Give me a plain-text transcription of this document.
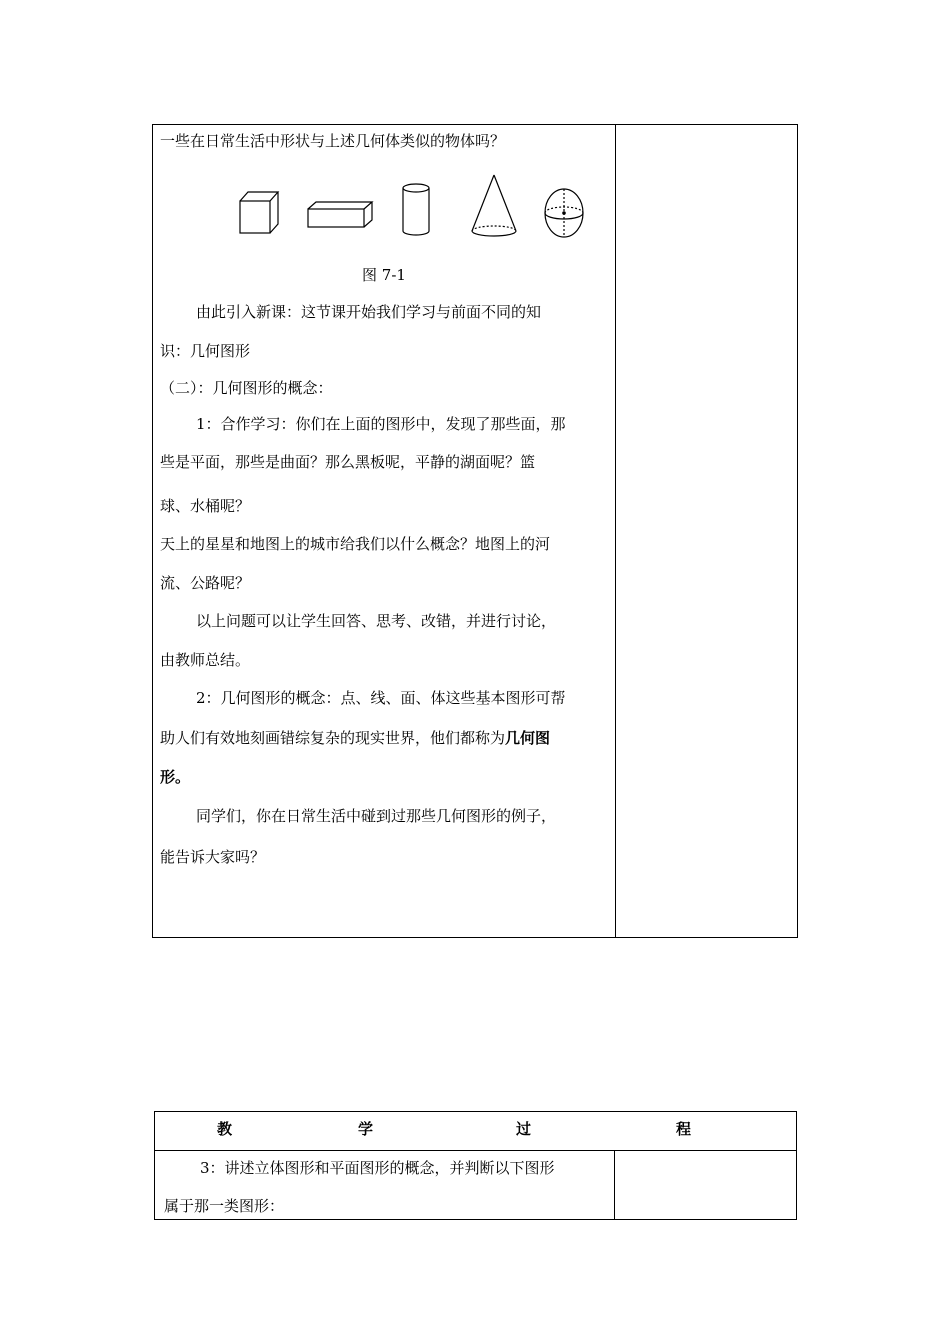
一些在日常生活中形状与上述几何体类似的物体吗？
图 7-1
由此引入新课：这节课开始我们学习与前面不同的知
识：几何图形
（二）：几何图形的概念：
1：合作学习：你们在上面的图形中，发现了那些面，那
些是平面，那些是曲面？那么黑板呢，平静的湖面呢？篮
球、水桶呢？
天上的星星和地图上的城市给我们以什么概念？地图上的河
流、公路呢？
以上问题可以让学生回答、思考、改错，并进行讨论，
由教师总结。
2：几何图形的概念：点、线、面、体这些基本图形可帮
助人们有效地刻画错综复杂的现实世界，他们都称为几何图
形。
同学们，你在日常生活中碰到过那些几何图形的例子，
能告诉大家吗？
教	学	过	程
3：讲述立体图形和平面图形的概念，并判断以下图形
属于那一类图形：
